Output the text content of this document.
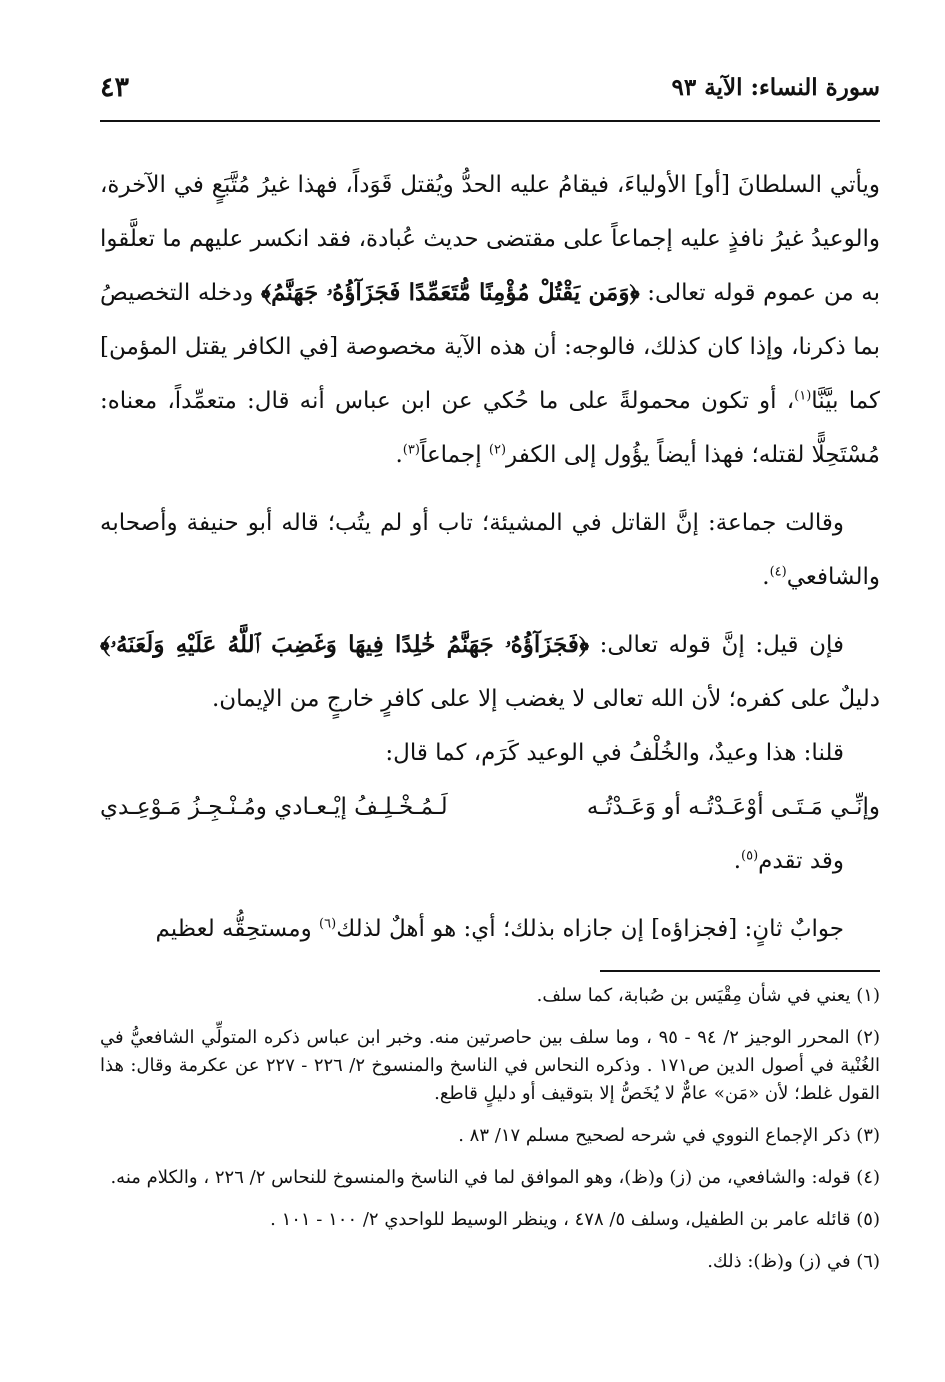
سورة النساء: الآية ٩٣
٤٣

ويأتي السلطانَ [أو] الأولياءَ، فيقامُ عليه الحدُّ ويُقتل قَوَداً، فهذا غيرُ مُتَّبَعٍ في الآخرة، والوعيدُ غيرُ نافذٍ عليه إجماعاً على مقتضى حديث عُبادة، فقد انكسر عليهم ما تعلَّقوا به من عموم قوله تعالى: ﴿وَمَن يَقْتُلْ مُؤْمِنًا مُّتَعَمِّدًا فَجَزَآؤُهُۥ جَهَنَّمُ﴾ ودخله التخصيصُ بما ذكرنا، وإذا كان كذلك، فالوجه: أن هذه الآية مخصوصة [في الكافر يقتل المؤمن] كما بيَّنَّا$^{(١)}$، أو تكون محمولةً على ما حُكي عن ابن عباس أنه قال: متعمِّداً، معناه: مُسْتَحِلًّا لقتله؛ فهذا أيضاً يؤُول إلى الكفر$^{(٢)}$ إجماعاً$^{(٣)}$.

وقالت جماعة: إنَّ القاتل في المشيئة؛ تاب أو لم يتُب؛ قاله أبو حنيفة وأصحابه والشافعي$^{(٤)}$.

فإن قيل: إنَّ قوله تعالى: ﴿فَجَزَآؤُهُۥ جَهَنَّمُ خَٰلِدًا فِيهَا وَغَضِبَ ٱللَّهُ عَلَيْهِ وَلَعَنَهُۥ﴾ دليلٌ على كفره؛ لأن الله تعالى لا يغضب إلا على كافرٍ خارجٍ من الإيمان.

قلنا: هذا وعيدٌ، والخُلْفُ في الوعيد كَرَم، كما قال:

وإنِّـي مَـتَـى أوْعَـدْتُـه أو وَعَـدْتُـه
لَـمُـخْـلِـفُ إيْـعـادي ومُـنْـجِـزُ مَـوْعِـدي

وقد تقدم$^{(٥)}$.

جوابٌ ثانٍ: [فجزاؤه] إن جازاه بذلك؛ أي: هو أهلٌ لذلك$^{(٦)}$ ومستحِقُّه لعظيم

(١) يعني في شأن مِقْيَس بن صُبابة، كما سلف.

(٢) المحرر الوجيز ٢/ ٩٤ - ٩٥ ، وما سلف بين حاصرتين منه. وخبر ابن عباس ذكره المتولِّي الشافعيُّ في الغُنْية في أصول الدين ص١٧١ . وذكره النحاس في الناسخ والمنسوخ ٢/ ٢٢٦ - ٢٢٧ عن عكرمة وقال: هذا القول غلط؛ لأن «مَن» عامٌّ لا يُخَصُّ إلا بتوقيف أو دليلٍ قاطع.

(٣) ذكر الإجماع النووي في شرحه لصحيح مسلم ١٧/ ٨٣ .

(٤) قوله: والشافعي، من (ز) و(ظ)، وهو الموافق لما في الناسخ والمنسوخ للنحاس ٢/ ٢٢٦ ، والكلام منه.

(٥) قائله عامر بن الطفيل، وسلف ٥/ ٤٧٨ ، وينظر الوسيط للواحدي ٢/ ١٠٠ - ١٠١ .

(٦) في (ز) و(ظ): ذلك.
